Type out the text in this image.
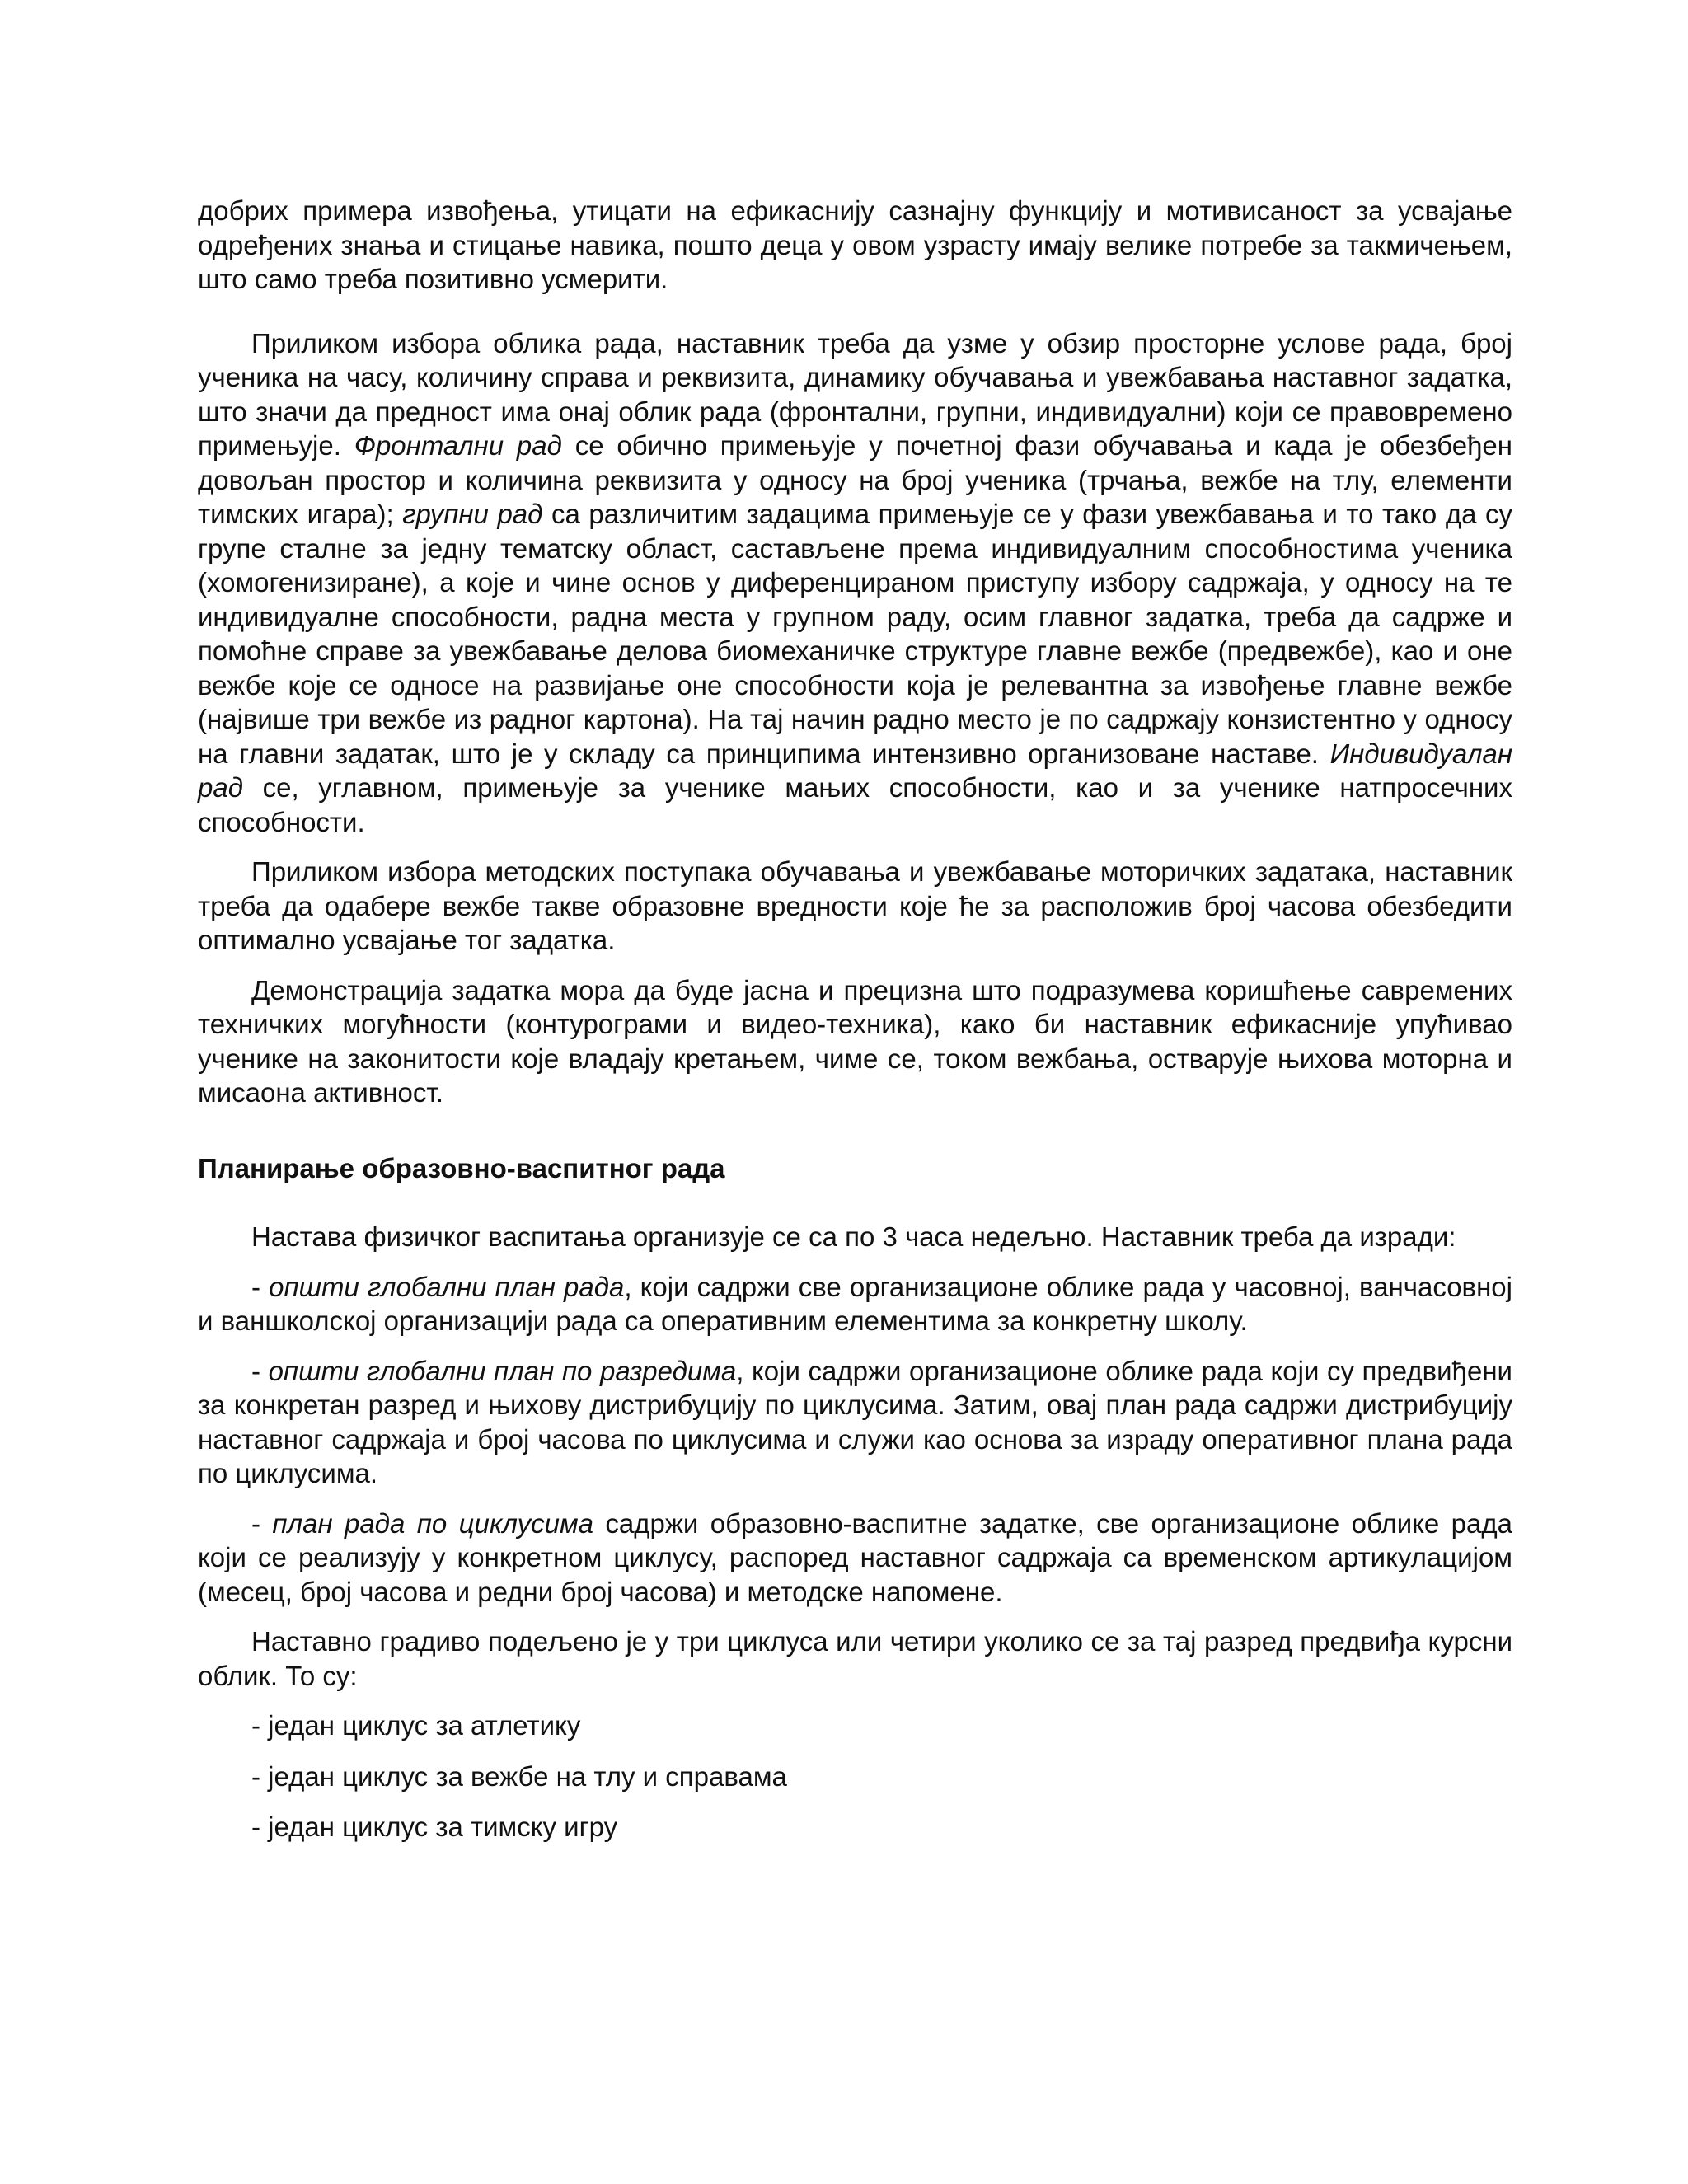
добрих примера извођења, утицати на ефикаснију сазнајну функцију и мотивисаност за усвајање одређених знања и стицање навика, пошто деца у овом узрасту имају велике потребе за такмичењем, што само треба позитивно усмерити.

Приликом избора облика рада, наставник треба да узме у обзир просторне услове рада, број ученика на часу, количину справа и реквизита, динамику обучавања и увежбавања наставног задатка, што значи да предност има онај облик рада (фронтални, групни, индивидуални) који се правовремено примењује. Фронтални рад се обично примењује у почетној фази обучавања и када је обезбеђен довољан простор и количина реквизита у односу на број ученика (трчања, вежбе на тлу, елементи тимских игара); групни рад са различитим задацима примењује се у фази увежбавања и то тако да су групе сталне за једну тематску област, састављене према индивидуалним способностима ученика (хомогенизиране), а које и чине основ у диференцираном приступу избору садржаја, у односу на те индивидуалне способности, радна места у групном раду, осим главног задатка, треба да садрже и помоћне справе за увежбавање делова биомеханичке структуре главне вежбе (предвежбе), као и оне вежбе које се односе на развијање оне способности која је релевантна за извођење главне вежбе (највише три вежбе из радног картона). На тај начин радно место је по садржају конзистентно у односу на главни задатак, што је у складу са принципима интензивно организоване наставе. Индивидуалан рад се, углавном, примењује за ученике мањих способности, као и за ученике натпросечних способности.

Приликом избора методских поступака обучавања и увежбавање моторичких задатака, наставник треба да одабере вежбе такве образовне вредности које ће за расположив број часова обезбедити оптимално усвајање тог задатка.

Демонстрација задатка мора да буде јасна и прецизна што подразумева коришћење савремених техничких могућности (контурограми и видео-техника), како би наставник ефикасније упућивао ученике на законитости које владају кретањем, чиме се, током вежбања, остварује њихова моторна и мисаона активност.

Планирање образовно-васпитног рада

Настава физичког васпитања организује се са по 3 часа недељно. Наставник треба да изради:

- општи глобални план рада, који садржи све организационе облике рада у часовној, ванчасовној и ваншколској организацији рада са оперативним елементима за конкретну школу.

- општи глобални план по разредима, који садржи организационе облике рада који су предвиђени за конкретан разред и њихову дистрибуцију по циклусима. Затим, овај план рада садржи дистрибуцију наставног садржаја и број часова по циклусима и служи као основа за израду оперативног плана рада по циклусима.

- план рада по циклусима садржи образовно-васпитне задатке, све организационе облике рада који се реализују у конкретном циклусу, распоред наставног садржаја са временском артикулацијом (месец, број часова и редни број часова) и методске напомене.

Наставно градиво подељено је у три циклуса или четири уколико се за тај разред предвиђа курсни облик. То су:

- један циклус за атлетику

- један циклус за вежбе на тлу и справама

- један циклус за тимску игру
